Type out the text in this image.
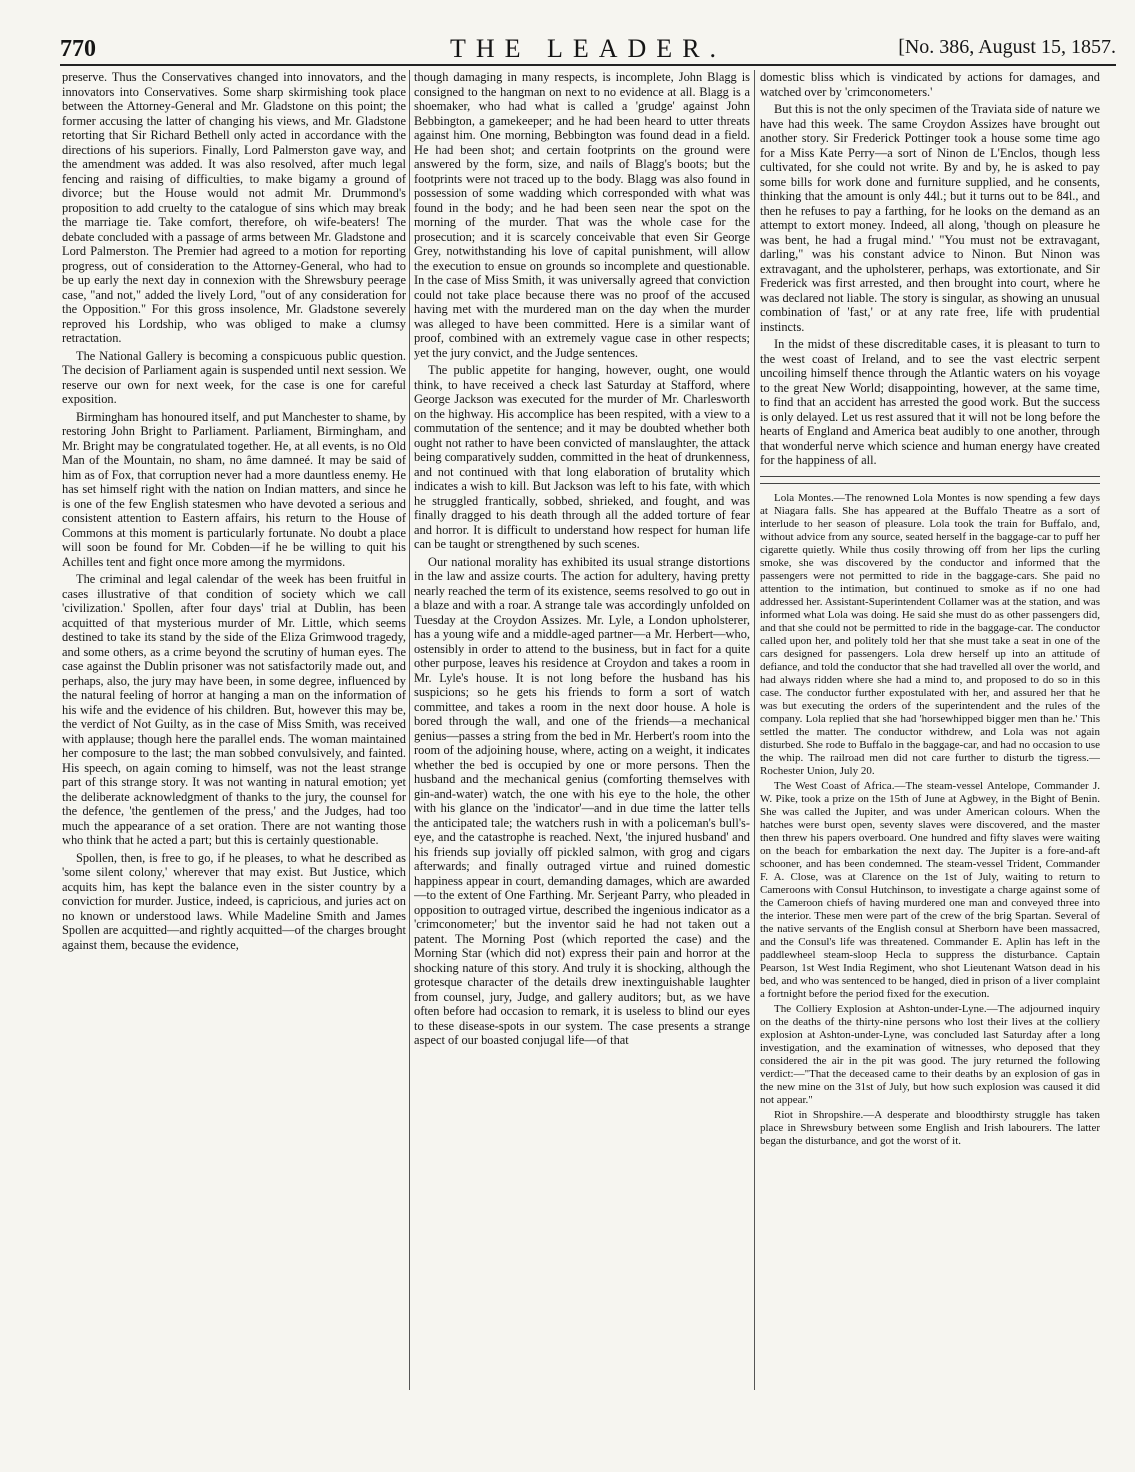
770	THE LEADER.	[No. 386, August 15, 1857.

preserve. Thus the Conservatives changed into innovators, and the innovators into Conservatives. Some sharp skirmishing took place between the Attorney-General and Mr. Gladstone on this point; the former accusing the latter of changing his views, and Mr. Gladstone retorting that Sir Richard Bethell only acted in accordance with the directions of his superiors. Finally, Lord Palmerston gave way, and the amendment was added. It was also resolved, after much legal fencing and raising of difficulties, to make bigamy a ground of divorce; but the House would not admit Mr. Drummond's proposition to add cruelty to the catalogue of sins which may break the marriage tie. Take comfort, therefore, oh wife-beaters! The debate concluded with a passage of arms between Mr. Gladstone and Lord Palmerston. The Premier had agreed to a motion for reporting progress, out of consideration to the Attorney-General, who had to be up early the next day in connexion with the Shrewsbury peerage case, "and not," added the lively Lord, "out of any consideration for the Opposition." For this gross insolence, Mr. Gladstone severely reproved his Lordship, who was obliged to make a clumsy retractation.

The National Gallery is becoming a conspicuous public question. The decision of Parliament again is suspended until next session. We reserve our own for next week, for the case is one for careful exposition.

Birmingham has honoured itself, and put Manchester to shame, by restoring John Bright to Parliament. Parliament, Birmingham, and Mr. Bright may be congratulated together. He, at all events, is no Old Man of the Mountain, no sham, no âme damneé. It may be said of him as of Fox, that corruption never had a more dauntless enemy. He has set himself right with the nation on Indian matters, and since he is one of the few English statesmen who have devoted a serious and consistent attention to Eastern affairs, his return to the House of Commons at this moment is particularly fortunate. No doubt a place will soon be found for Mr. Cobden—if he be willing to quit his Achilles tent and fight once more among the myrmidons.

The criminal and legal calendar of the week has been fruitful in cases illustrative of that condition of society which we call 'civilization.' Spollen, after four days' trial at Dublin, has been acquitted of that mysterious murder of Mr. Little, which seems destined to take its stand by the side of the Eliza Grimwood tragedy, and some others, as a crime beyond the scrutiny of human eyes. The case against the Dublin prisoner was not satisfactorily made out, and perhaps, also, the jury may have been, in some degree, influenced by the natural feeling of horror at hanging a man on the information of his wife and the evidence of his children. But, however this may be, the verdict of Not Guilty, as in the case of Miss Smith, was received with applause; though here the parallel ends. The woman maintained her composure to the last; the man sobbed convulsively, and fainted. His speech, on again coming to himself, was not the least strange part of this strange story. It was not wanting in natural emotion; yet the deliberate acknowledgment of thanks to the jury, the counsel for the defence, 'the gentlemen of the press,' and the Judges, had too much the appearance of a set oration. There are not wanting those who think that he acted a part; but this is certainly questionable.

Spollen, then, is free to go, if he pleases, to what he described as 'some silent colony,' wherever that may exist. But Justice, which acquits him, has kept the balance even in the sister country by a conviction for murder. Justice, indeed, is capricious, and juries act on no known or understood laws. While Madeline Smith and James Spollen are acquitted—and rightly acquitted—of the charges brought against them, because the evidence,

though damaging in many respects, is incomplete, John Blagg is consigned to the hangman on next to no evidence at all. Blagg is a shoemaker, who had what is called a 'grudge' against John Bebbington, a gamekeeper; and he had been heard to utter threats against him. One morning, Bebbington was found dead in a field. He had been shot; and certain footprints on the ground were answered by the form, size, and nails of Blagg's boots; but the footprints were not traced up to the body. Blagg was also found in possession of some wadding which corresponded with what was found in the body; and he had been seen near the spot on the morning of the murder. That was the whole case for the prosecution; and it is scarcely conceivable that even Sir George Grey, notwithstanding his love of capital punishment, will allow the execution to ensue on grounds so incomplete and questionable. In the case of Miss Smith, it was universally agreed that conviction could not take place because there was no proof of the accused having met with the murdered man on the day when the murder was alleged to have been committed. Here is a similar want of proof, combined with an extremely vague case in other respects; yet the jury convict, and the Judge sentences.

The public appetite for hanging, however, ought, one would think, to have received a check last Saturday at Stafford, where George Jackson was executed for the murder of Mr. Charlesworth on the highway. His accomplice has been respited, with a view to a commutation of the sentence; and it may be doubted whether both ought not rather to have been convicted of manslaughter, the attack being comparatively sudden, committed in the heat of drunkenness, and not continued with that long elaboration of brutality which indicates a wish to kill. But Jackson was left to his fate, with which he struggled frantically, sobbed, shrieked, and fought, and was finally dragged to his death through all the added torture of fear and horror. It is difficult to understand how respect for human life can be taught or strengthened by such scenes.

Our national morality has exhibited its usual strange distortions in the law and assize courts. The action for adultery, having pretty nearly reached the term of its existence, seems resolved to go out in a blaze and with a roar. A strange tale was accordingly unfolded on Tuesday at the Croydon Assizes. Mr. Lyle, a London upholsterer, has a young wife and a middle-aged partner—a Mr. Herbert—who, ostensibly in order to attend to the business, but in fact for a quite other purpose, leaves his residence at Croydon and takes a room in Mr. Lyle's house. It is not long before the husband has his suspicions; so he gets his friends to form a sort of watch committee, and takes a room in the next door house. A hole is bored through the wall, and one of the friends—a mechanical genius—passes a string from the bed in Mr. Herbert's room into the room of the adjoining house, where, acting on a weight, it indicates whether the bed is occupied by one or more persons. Then the husband and the mechanical genius (comforting themselves with gin-and-water) watch, the one with his eye to the hole, the other with his glance on the 'indicator'—and in due time the latter tells the anticipated tale; the watchers rush in with a policeman's bull's-eye, and the catastrophe is reached. Next, 'the injured husband' and his friends sup jovially off pickled salmon, with grog and cigars afterwards; and finally outraged virtue and ruined domestic happiness appear in court, demanding damages, which are awarded—to the extent of One Farthing. Mr. Serjeant Parry, who pleaded in opposition to outraged virtue, described the ingenious indicator as a 'crimconometer;' but the inventor said he had not taken out a patent. The Morning Post (which reported the case) and the Morning Star (which did not) express their pain and horror at the shocking nature of this story. And truly it is shocking, although the grotesque character of the details drew inextinguishable laughter from counsel, jury, Judge, and gallery auditors; but, as we have often before had occasion to remark, it is useless to blind our eyes to these disease-spots in our system. The case presents a strange aspect of our boasted conjugal life—of that

domestic bliss which is vindicated by actions for damages, and watched over by 'crimconometers.'

But this is not the only specimen of the Traviata side of nature we have had this week. The same Croydon Assizes have brought out another story. Sir Frederick Pottinger took a house some time ago for a Miss Kate Perry—a sort of Ninon de L'Enclos, though less cultivated, for she could not write. By and by, he is asked to pay some bills for work done and furniture supplied, and he consents, thinking that the amount is only 44l.; but it turns out to be 84l., and then he refuses to pay a farthing, for he looks on the demand as an attempt to extort money. Indeed, all along, 'though on pleasure he was bent, he had a frugal mind.' "You must not be extravagant, darling," was his constant advice to Ninon. But Ninon was extravagant, and the upholsterer, perhaps, was extortionate, and Sir Frederick was first arrested, and then brought into court, where he was declared not liable. The story is singular, as showing an unusual combination of 'fast,' or at any rate free, life with prudential instincts.

In the midst of these discreditable cases, it is pleasant to turn to the west coast of Ireland, and to see the vast electric serpent uncoiling himself thence through the Atlantic waters on his voyage to the great New World; disappointing, however, at the same time, to find that an accident has arrested the good work. But the success is only delayed. Let us rest assured that it will not be long before the hearts of England and America beat audibly to one another, through that wonderful nerve which science and human energy have created for the happiness of all.

Lola Montes.—The renowned Lola Montes is now spending a few days at Niagara falls. She has appeared at the Buffalo Theatre as a sort of interlude to her season of pleasure. Lola took the train for Buffalo, and, without advice from any source, seated herself in the baggage-car to puff her cigarette quietly. While thus cosily throwing off from her lips the curling smoke, she was discovered by the conductor and informed that the passengers were not permitted to ride in the baggage-cars. She paid no attention to the intimation, but continued to smoke as if no one had addressed her. Assistant-Superintendent Collamer was at the station, and was informed what Lola was doing. He said she must do as other passengers did, and that she could not be permitted to ride in the baggage-car. The conductor called upon her, and politely told her that she must take a seat in one of the cars designed for passengers. Lola drew herself up into an attitude of defiance, and told the conductor that she had travelled all over the world, and had always ridden where she had a mind to, and proposed to do so in this case. The conductor further expostulated with her, and assured her that he was but executing the orders of the superintendent and the rules of the company. Lola replied that she had 'horsewhipped bigger men than he.' This settled the matter. The conductor withdrew, and Lola was not again disturbed. She rode to Buffalo in the baggage-car, and had no occasion to use the whip. The railroad men did not care further to disturb the tigress.—Rochester Union, July 20.

The West Coast of Africa.—The steam-vessel Antelope, Commander J. W. Pike, took a prize on the 15th of June at Agbwey, in the Bight of Benin. She was called the Jupiter, and was under American colours. When the hatches were burst open, seventy slaves were discovered, and the master then threw his papers overboard. One hundred and fifty slaves were waiting on the beach for embarkation the next day. The Jupiter is a fore-and-aft schooner, and has been condemned. The steam-vessel Trident, Commander F. A. Close, was at Clarence on the 1st of July, waiting to return to Cameroons with Consul Hutchinson, to investigate a charge against some of the Cameroon chiefs of having murdered one man and conveyed three into the interior. These men were part of the crew of the brig Spartan. Several of the native servants of the English consul at Sherborn have been massacred, and the Consul's life was threatened. Commander E. Aplin has left in the paddlewheel steam-sloop Hecla to suppress the disturbance. Captain Pearson, 1st West India Regiment, who shot Lieutenant Watson dead in his bed, and who was sentenced to be hanged, died in prison of a liver complaint a fortnight before the period fixed for the execution.

The Colliery Explosion at Ashton-under-Lyne.—The adjourned inquiry on the deaths of the thirty-nine persons who lost their lives at the colliery explosion at Ashton-under-Lyne, was concluded last Saturday after a long investigation, and the examination of witnesses, who deposed that they considered the air in the pit was good. The jury returned the following verdict:—"That the deceased came to their deaths by an explosion of gas in the new mine on the 31st of July, but how such explosion was caused it did not appear."

Riot in Shropshire.—A desperate and bloodthirsty struggle has taken place in Shrewsbury between some English and Irish labourers. The latter began the disturbance, and got the worst of it.
